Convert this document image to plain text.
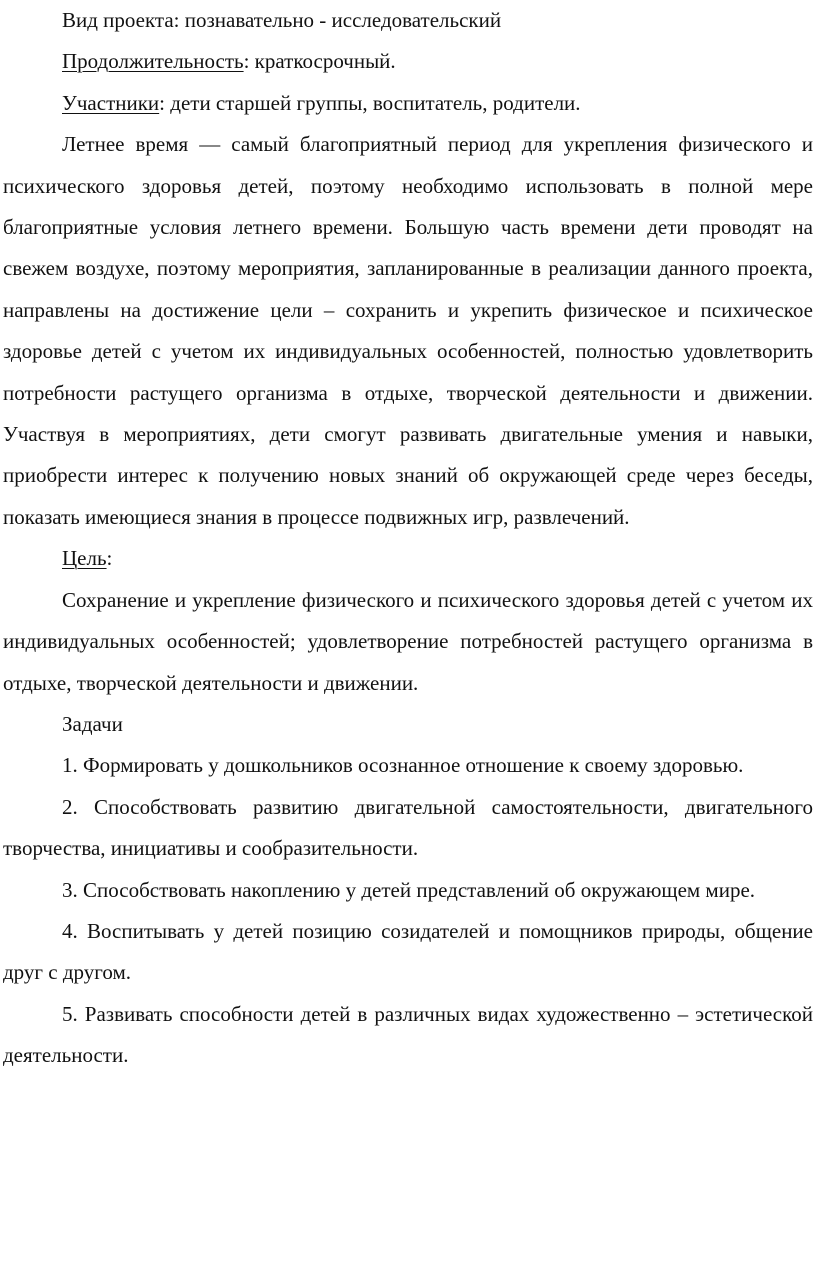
Вид проекта: познавательно - исследовательский

Продолжительность: краткосрочный.

Участники: дети старшей группы, воспитатель, родители.

Летнее время — самый благоприятный период для укрепления физического и психического здоровья детей, поэтому необходимо использовать в полной мере благоприятные условия летнего времени. Большую часть времени дети проводят на свежем воздухе, поэтому мероприятия, запланированные в реализации данного проекта, направлены на достижение цели – сохранить и укрепить физическое и психическое здоровье детей с учетом их индивидуальных особенностей, полностью удовлетворить потребности растущего организма в отдыхе, творческой деятельности и движении. Участвуя в мероприятиях, дети смогут развивать двигательные умения и навыки, приобрести интерес к получению новых знаний об окружающей среде через беседы, показать имеющиеся знания в процессе подвижных игр, развлечений.

Цель:

Сохранение и укрепление физического и психического здоровья детей с учетом их индивидуальных особенностей; удовлетворение потребностей растущего организма в отдыхе, творческой деятельности и движении.

Задачи

1. Формировать у дошкольников осознанное отношение к своему здоровью.

2. Способствовать развитию двигательной самостоятельности, двигательного творчества, инициативы и сообразительности.

3. Способствовать накоплению у детей представлений об окружающем мире.

4. Воспитывать у детей позицию созидателей и помощников природы, общение друг с другом.

5. Развивать способности детей в различных видах художественно – эстетической деятельности.
